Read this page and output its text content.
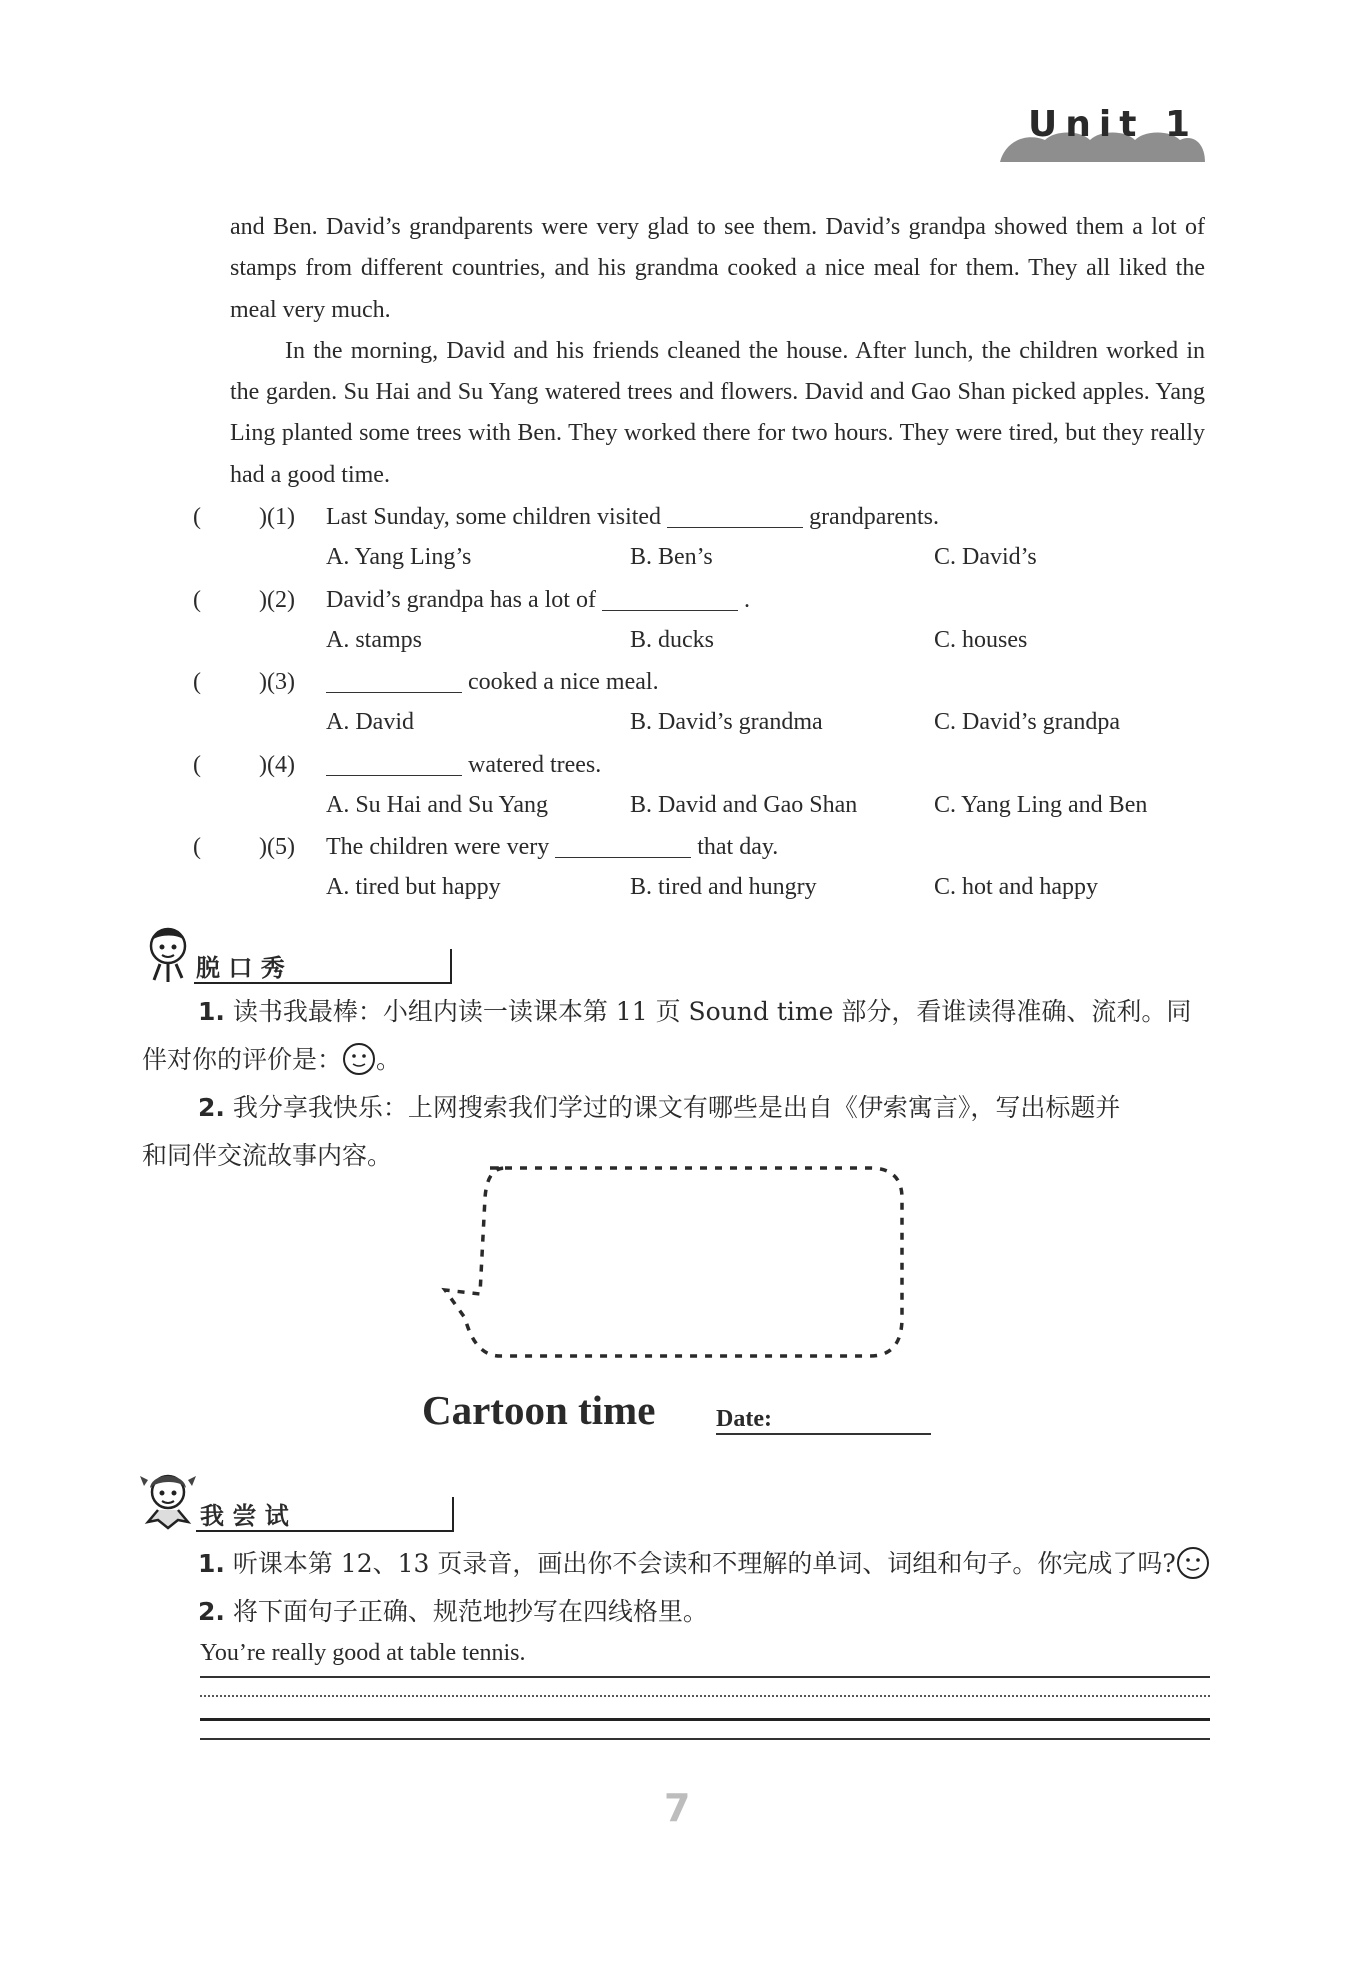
Unit 1

and Ben. David’s grandparents were very glad to see them. David’s grandpa showed them a lot of stamps from different countries, and his grandma cooked a nice meal for them. They all liked the meal very much.

In the morning, David and his friends cleaned the house. After lunch, the children worked in the garden. Su Hai and Su Yang watered trees and flowers. David and Gao Shan picked apples. Yang Ling planted some trees with Ben. They worked there for two hours. They were tired, but they really had a good time.

( )(1) Last Sunday, some children visited	grandparents.
A. Yang Ling’s	B. Ben’s	C. David’s
( )(2) David’s grandpa has a lot of	.
A. stamps	B. ducks	C. houses
( )(3)	cooked a nice meal.
A. David	B. David’s grandma	C. David’s grandpa
( )(4)	watered trees.
A. Su Hai and Su Yang	B. David and Gao Shan	C. Yang Ling and Ben
( )(5) The children were very	that day.
A. tired but happy	B. tired and hungry	C. hot and happy
脱 口 秀
1. 读书我最棒：小组内读一读课本第 11 页 Sound time 部分，看谁读得准确、流利。同
伴对你的评价是： 。
2. 我分享我快乐：上网搜索我们学过的课文有哪些是出自《伊索寓言》，写出标题并
和同伴交流故事内容。
Cartoon time	Date:
我 尝 试
1. 听课本第 12、13 页录音，画出你不会读和不理解的单词、词组和句子。你完成了吗?
2. 将下面句子正确、规范地抄写在四线格里。
You’re really good at table tennis.
7
